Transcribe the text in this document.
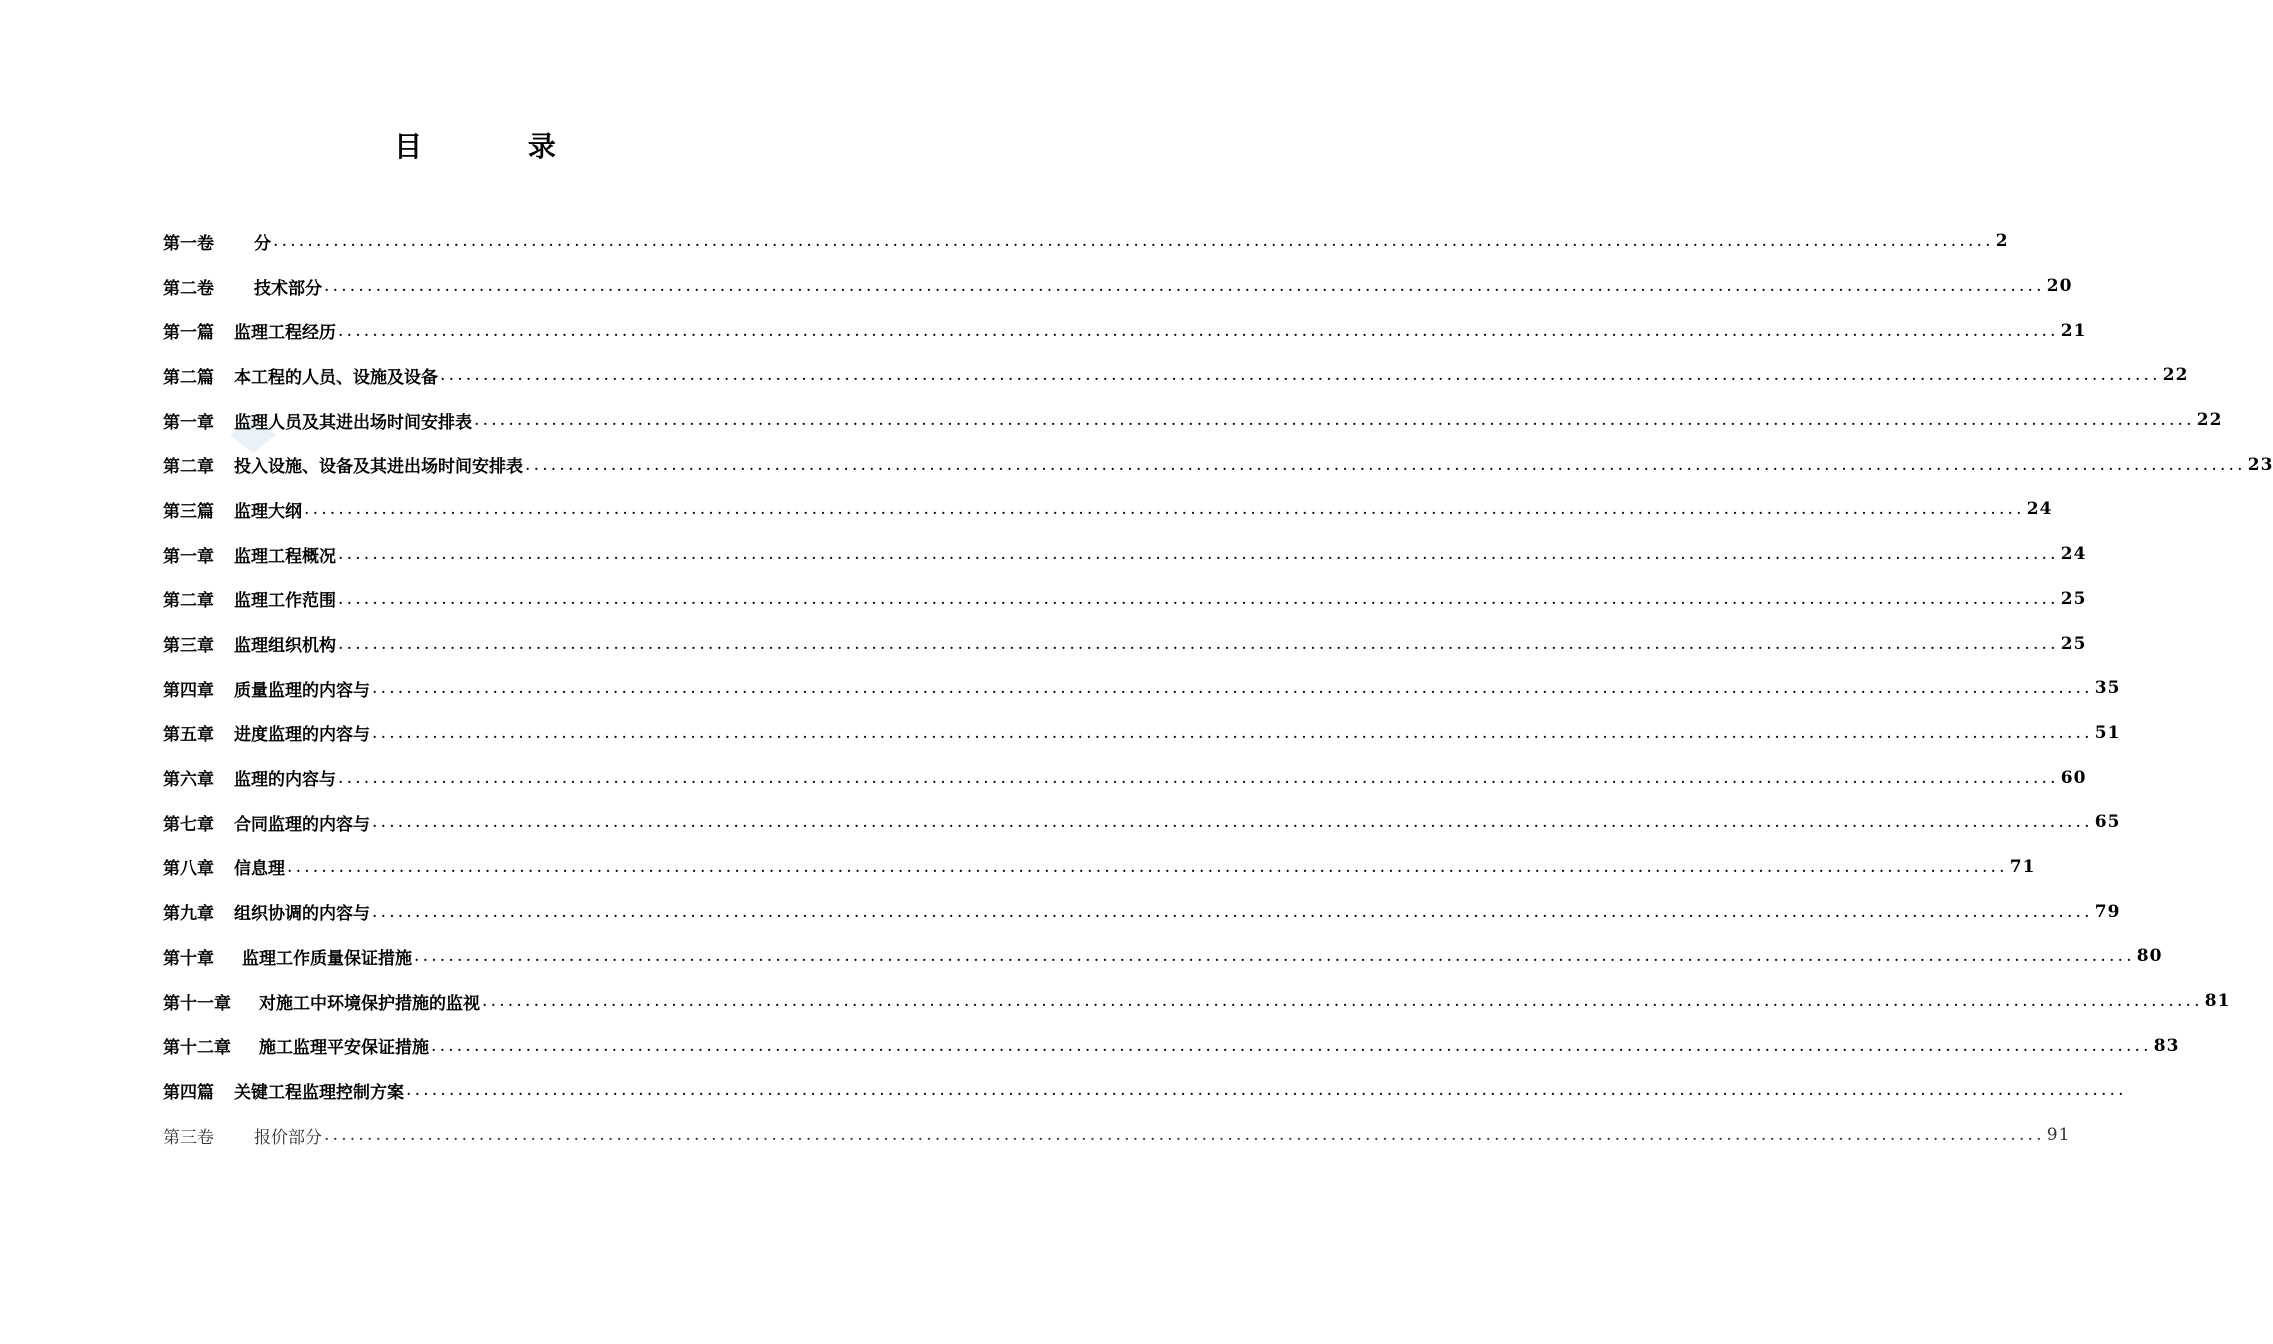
目 录
第一卷 分 ........................................................................................................................................................................................................ 2
第二卷 技术部分 ........................................................................................................................................................................................................ 20
第一篇 监理工程经历 ........................................................................................................................................................................................................ 21
第二篇 本工程的人员、设施及设备 ........................................................................................................................................................................................................ 22
第一章 监理人员及其进出场时间安排表 ........................................................................................................................................................................................................ 22
第二章 投入设施、设备及其进出场时间安排表 ........................................................................................................................................................................................................ 23
第三篇 监理大纲 ........................................................................................................................................................................................................ 24
第一章 监理工程概况 ........................................................................................................................................................................................................ 24
第二章 监理工作范围 ........................................................................................................................................................................................................ 25
第三章 监理组织机构 ........................................................................................................................................................................................................ 25
第四章 质量监理的内容与 ........................................................................................................................................................................................................ 35
第五章 进度监理的内容与 ........................................................................................................................................................................................................ 51
第六章 监理的内容与 ........................................................................................................................................................................................................ 60
第七章 合同监理的内容与 ........................................................................................................................................................................................................ 65
第八章 信息理 ........................................................................................................................................................................................................ 71
第九章 组织协调的内容与 ........................................................................................................................................................................................................ 79
第十章 监理工作质量保证措施 ........................................................................................................................................................................................................ 80
第十一章 对施工中环境保护措施的监视 ........................................................................................................................................................................................................ 81
第十二章 施工监理平安保证措施 ........................................................................................................................................................................................................ 83
第四篇 关键工程监理控制方案 ........................................................................................................................................................................................................
第三卷 报价部分 ........................................................................................................................................................................................................ 91
